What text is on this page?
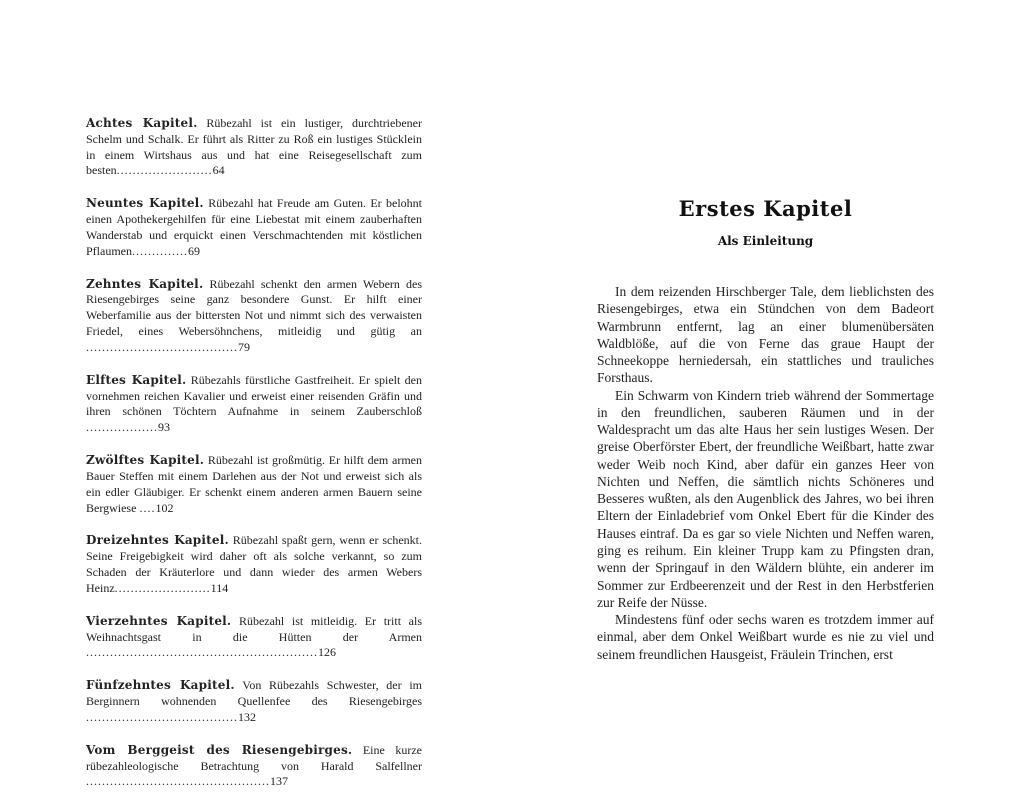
Achtes Kapitel. Rübezahl ist ein lustiger, durchtriebener Schelm und Schalk. Er führt als Ritter zu Roß ein lustiges Stücklein in einem Wirtshaus aus und hat eine Reisegesellschaft zum besten........................64

Neuntes Kapitel. Rübezahl hat Freude am Guten. Er belohnt einen Apothekergehilfen für eine Liebestat mit einem zauberhaften Wanderstab und erquickt einen Verschmachtenden mit köstlichen Pflaumen..............69

Zehntes Kapitel. Rübezahl schenkt den armen Webern des Riesengebirges seine ganz besondere Gunst. Er hilft einer Weberfamilie aus der bittersten Not und nimmt sich des verwaisten Friedel, eines Webersöhnchens, mitleidig und gütig an ......................................79

Elftes Kapitel. Rübezahls fürstliche Gastfreiheit. Er spielt den vornehmen reichen Kavalier und erweist einer reisenden Gräfin und ihren schönen Töchtern Aufnahme in seinem Zauberschloß ..................93

Zwölftes Kapitel. Rübezahl ist großmütig. Er hilft dem armen Bauer Steffen mit einem Darlehen aus der Not und erweist sich als ein edler Gläubiger. Er schenkt einem anderen armen Bauern seine Bergwiese ....102

Dreizehntes Kapitel. Rübezahl spaßt gern, wenn er schenkt. Seine Freigebigkeit wird daher oft als solche verkannt, so zum Schaden der Kräuterlore und dann wieder des armen Webers Heinz........................114

Vierzehntes Kapitel. Rübezahl ist mitleidig. Er tritt als Weihnachtsgast in die Hütten der Armen ..........................................................126

Fünfzehntes Kapitel. Von Rübezahls Schwester, der im Berginnern wohnenden Quellenfee des Riesengebirges ......................................132

Vom Berggeist des Riesengebirges. Eine kurze rübezahleologische Betrachtung von Harald Salfellner ..............................................137

Erstes Kapitel
Als Einleitung

In dem reizenden Hirschberger Tale, dem lieblichsten des Riesengebirges, etwa ein Stündchen von dem Badeort Warmbrunn entfernt, lag an einer blumenübersäten Waldblöße, auf die von Ferne das graue Haupt der Schneekoppe herniedersah, ein stattliches und trauliches Forsthaus.

Ein Schwarm von Kindern trieb während der Sommertage in den freundlichen, sauberen Räumen und in der Waldespracht um das alte Haus her sein lustiges Wesen. Der greise Oberförster Ebert, der freundliche Weißbart, hatte zwar weder Weib noch Kind, aber dafür ein ganzes Heer von Nichten und Neffen, die sämtlich nichts Schöneres und Besseres wußten, als den Augenblick des Jahres, wo bei ihren Eltern der Einladebrief vom Onkel Ebert für die Kinder des Hauses eintraf. Da es gar so viele Nichten und Neffen waren, ging es reihum. Ein kleiner Trupp kam zu Pfingsten dran, wenn der Springauf in den Wäldern blühte, ein anderer im Sommer zur Erdbeerenzeit und der Rest in den Herbstferien zur Reife der Nüsse.

Mindestens fünf oder sechs waren es trotzdem immer auf einmal, aber dem Onkel Weißbart wurde es nie zu viel und seinem freundlichen Hausgeist, Fräulein Trinchen, erst
